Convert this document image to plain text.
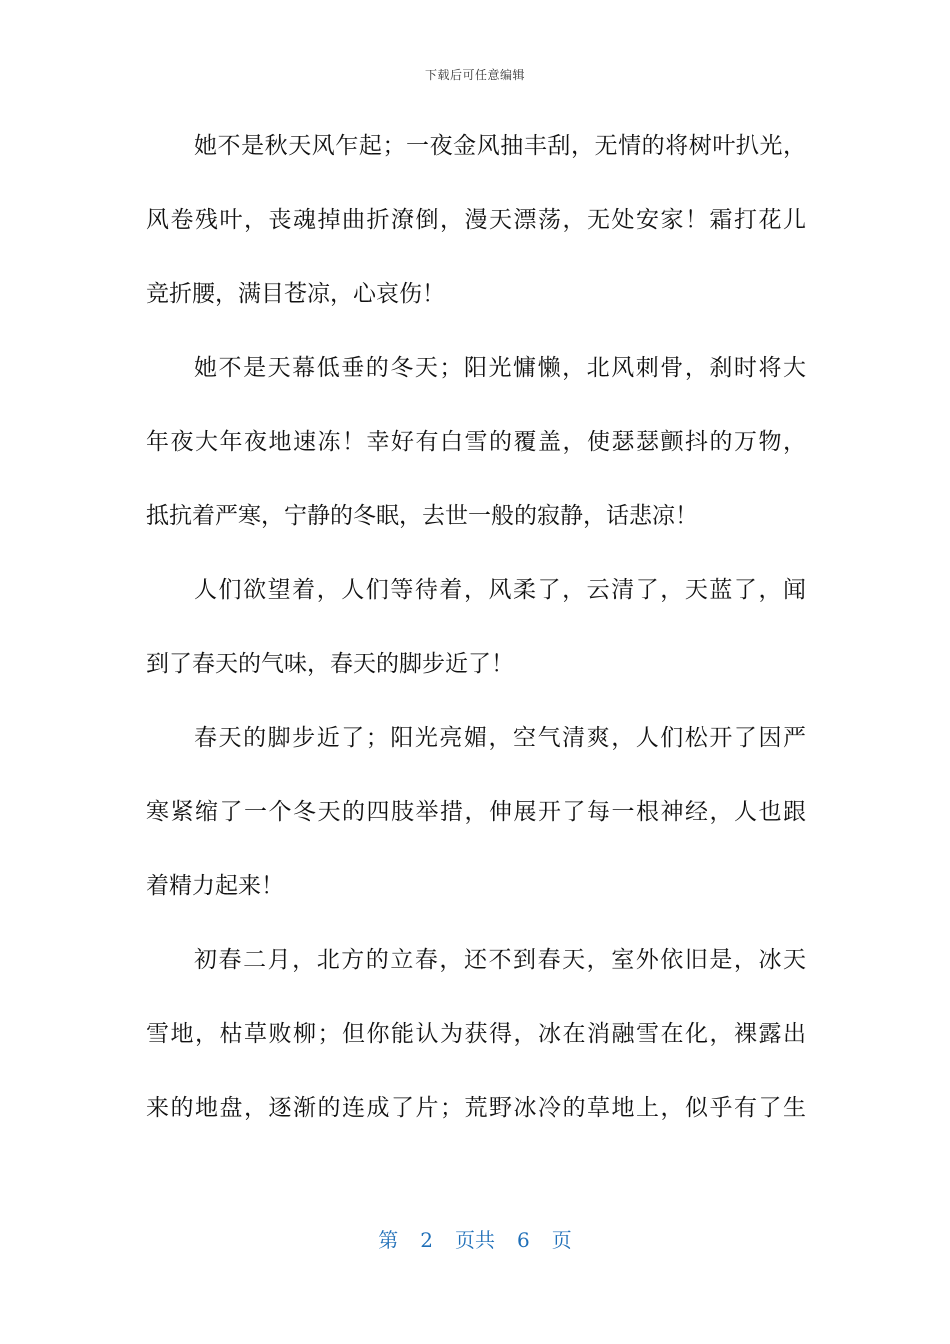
下载后可任意编辑
她不是秋天风乍起；一夜金风抽丰刮，无情的将树叶扒光，
风卷残叶，丧魂掉曲折潦倒，漫天漂荡，无处安家！霜打花儿
竞折腰，满目苍凉，心哀伤！
她不是天幕低垂的冬天；阳光慵懒，北风刺骨，刹时将大
年夜大年夜地速冻！幸好有白雪的覆盖，使瑟瑟颤抖的万物，
抵抗着严寒，宁静的冬眠，去世一般的寂静，话悲凉！
人们欲望着，人们等待着，风柔了，云清了，天蓝了，闻
到了春天的气味，春天的脚步近了！
春天的脚步近了；阳光亮媚，空气清爽，人们松开了因严
寒紧缩了一个冬天的四肢举措，伸展开了每一根神经，人也跟
着精力起来！
初春二月，北方的立春，还不到春天，室外依旧是，冰天
雪地，枯草败柳；但你能认为获得，冰在消融雪在化，裸露出
来的地盘，逐渐的连成了片；荒野冰冷的草地上，似乎有了生
第 2 页共 6 页
